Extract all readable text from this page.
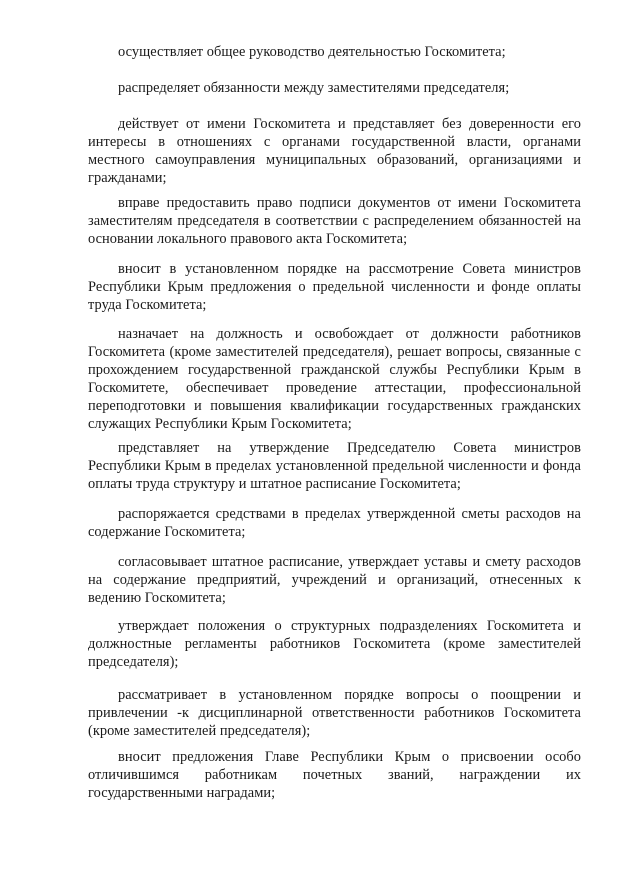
осуществляет общее руководство деятельностью Госкомитета;

распределяет обязанности между заместителями председателя;

действует от имени Госкомитета и представляет без доверенности его интересы в отношениях с органами государственной власти, органами местного самоуправления муниципальных образований, организациями и гражданами;

вправе предоставить право подписи документов от имени Госкомитета заместителям председателя в соответствии с распределением обязанностей на основании локального правового акта Госкомитета;

вносит в установленном порядке на рассмотрение Совета министров Республики Крым предложения о предельной численности и фонде оплаты труда Госкомитета;

назначает на должность и освобождает от должности работников Госкомитета (кроме заместителей председателя), решает вопросы, связанные с прохождением государственной гражданской службы Республики Крым в Госкомитете, обеспечивает проведение аттестации, профессиональной переподготовки и повышения квалификации государственных гражданских служащих Республики Крым Госкомитета;

представляет на утверждение Председателю Совета министров Республики Крым в пределах установленной предельной численности и фонда оплаты труда структуру и штатное расписание Госкомитета;

распоряжается средствами в пределах утвержденной сметы расходов на содержание Госкомитета;

согласовывает штатное расписание, утверждает уставы и смету расходов на содержание предприятий, учреждений и организаций, отнесенных к ведению Госкомитета;

утверждает положения о структурных подразделениях Госкомитета и должностные регламенты работников Госкомитета (кроме заместителей председателя);

рассматривает в установленном порядке вопросы о поощрении и привлечении -к дисциплинарной ответственности работников Госкомитета (кроме заместителей председателя);

вносит предложения Главе Республики Крым о присвоении особо отличившимся работникам почетных званий, награждении их государственными наградами;
